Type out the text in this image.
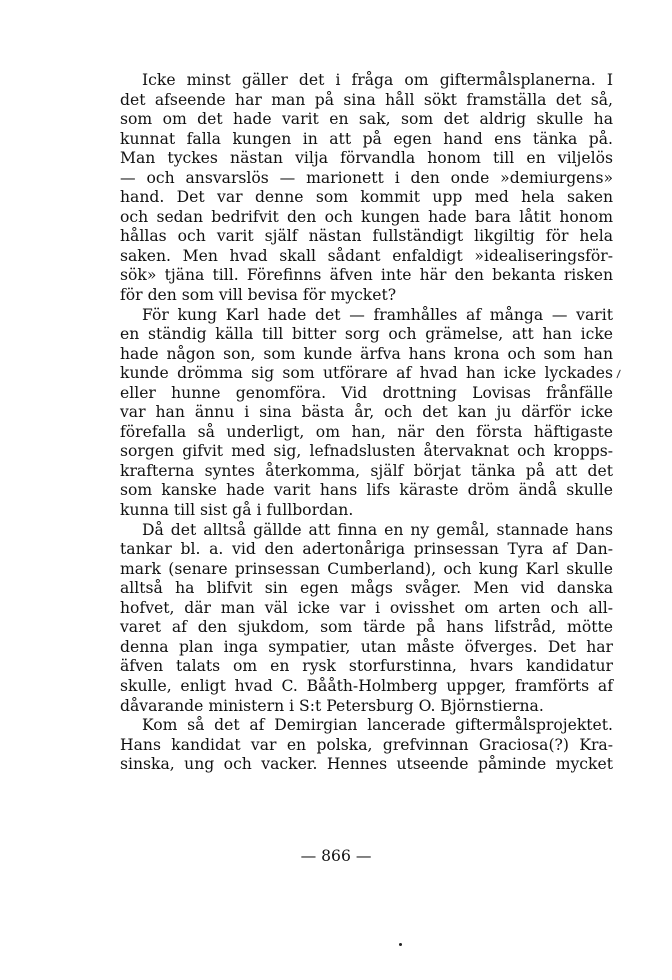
Icke minst gäller det i fråga om giftermålsplanerna. I
det afseende har man på sina håll sökt framställa det så,
som om det hade varit en sak, som det aldrig skulle ha
kunnat falla kungen in att på egen hand ens tänka på.
Man tyckes nästan vilja förvandla honom till en viljelös
— och ansvarslös — marionett i den onde »demiurgens»
hand. Det var denne som kommit upp med hela saken
och sedan bedrifvit den och kungen hade bara låtit honom
hållas och varit själf nästan fullständigt likgiltig för hela
saken. Men hvad skall sådant enfaldigt »idealiseringsför-
sök» tjäna till. Förefinns äfven inte här den bekanta risken
för den som vill bevisa för mycket?
För kung Karl hade det — framhålles af många — varit
en ständig källa till bitter sorg och grämelse, att han icke
hade någon son, som kunde ärfva hans krona och som han
kunde drömma sig som utförare af hvad han icke lyckades
eller hunne genomföra. Vid drottning Lovisas frånfälle
var han ännu i sina bästa år, och det kan ju därför icke
förefalla så underligt, om han, när den första häftigaste
sorgen gifvit med sig, lefnadslusten återvaknat och kropps-
krafterna syntes återkomma, själf börjat tänka på att det
som kanske hade varit hans lifs käraste dröm ändå skulle
kunna till sist gå i fullbordan.
Då det alltså gällde att finna en ny gemål, stannade hans
tankar bl. a. vid den adertonåriga prinsessan Tyra af Dan-
mark (senare prinsessan Cumberland), och kung Karl skulle
alltså ha blifvit sin egen mågs svåger. Men vid danska
hofvet, där man väl icke var i ovisshet om arten och all-
varet af den sjukdom, som tärde på hans lifstråd, mötte
denna plan inga sympatier, utan måste öfverges. Det har
äfven talats om en rysk storfurstinna, hvars kandidatur
skulle, enligt hvad C. Bååth-Holmberg uppger, framförts af
dåvarande ministern i S:t Petersburg O. Björnstierna.
Kom så det af Demirgian lancerade giftermålsprojektet.
Hans kandidat var en polska, grefvinnan Graciosa(?) Kra-
sinska, ung och vacker. Hennes utseende påminde mycket
— 866 —
